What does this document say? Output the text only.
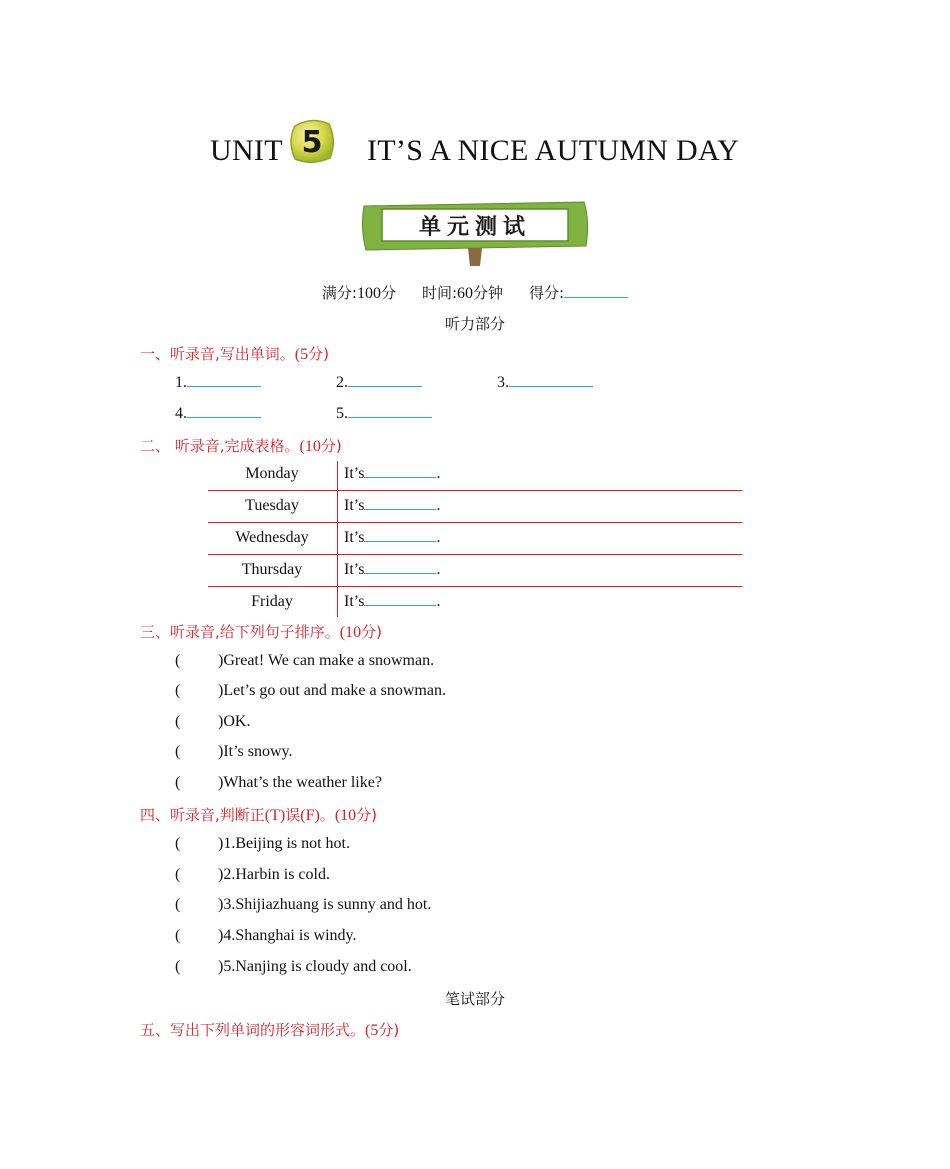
UNIT 5 IT’S A NICE AUTUMN DAY
单元测试
满分:100分 时间:60分钟 得分:
听力部分
一、听录音,写出单词。(5分)
1.	2.	3.
4.	5.
二、 听录音,完成表格。(10分)
Monday	It’s	.
Tuesday	It’s	.
Wednesday	It’s	.
Thursday	It’s	.
Friday	It’s	.
三、听录音,给下列句子排序。(10分)
( )Great! We can make a snowman.
( )Let’s go out and make a snowman.
( )OK.
( )It’s snowy.
( )What’s the weather like?
四、听录音,判断正(T)误(F)。(10分)
( )1.Beijing is not hot.
( )2.Harbin is cold.
( )3.Shijiazhuang is sunny and hot.
( )4.Shanghai is windy.
( )5.Nanjing is cloudy and cool.
笔试部分
五、写出下列单词的形容词形式。(5分)
